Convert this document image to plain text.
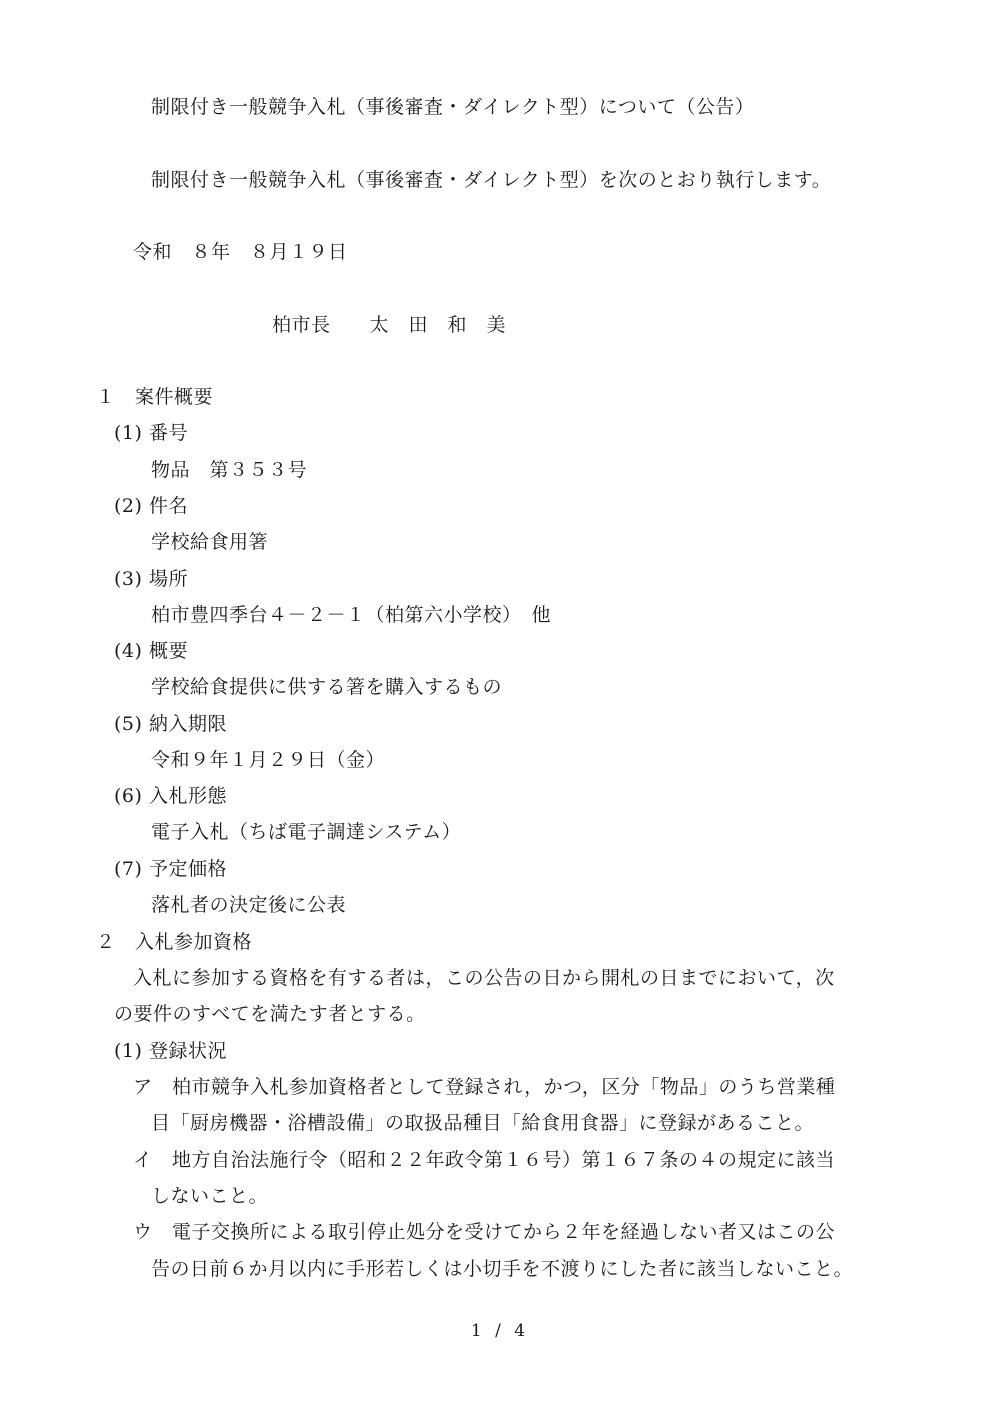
制限付き一般競争入札（事後審査・ダイレクト型）について（公告）
制限付き一般競争入札（事後審査・ダイレクト型）を次のとおり執行します。
令和　８年　８月１９日
柏市長　　太　田　和　美
１　案件概要
(1) 番号
物品　第３５３号
(2) 件名
学校給食用箸
(3) 場所
柏市豊四季台４－２－１（柏第六小学校）　他
(4) 概要
学校給食提供に供する箸を購入するもの
(5) 納入期限
令和９年１月２９日（金）
(6) 入札形態
電子入札（ちば電子調達システム）
(7) 予定価格
落札者の決定後に公表
２　入札参加資格
入札に参加する資格を有する者は，この公告の日から開札の日までにおいて，次
の要件のすべてを満たす者とする。
(1) 登録状況
ア　柏市競争入札参加資格者として登録され，かつ，区分「物品」のうち営業種
目「厨房機器・浴槽設備」の取扱品種目「給食用食器」に登録があること。
イ　地方自治法施行令（昭和２２年政令第１６号）第１６７条の４の規定に該当
しないこと。
ウ　電子交換所による取引停止処分を受けてから２年を経過しない者又はこの公
告の日前６か月以内に手形若しくは小切手を不渡りにした者に該当しないこと。
1 / 4
